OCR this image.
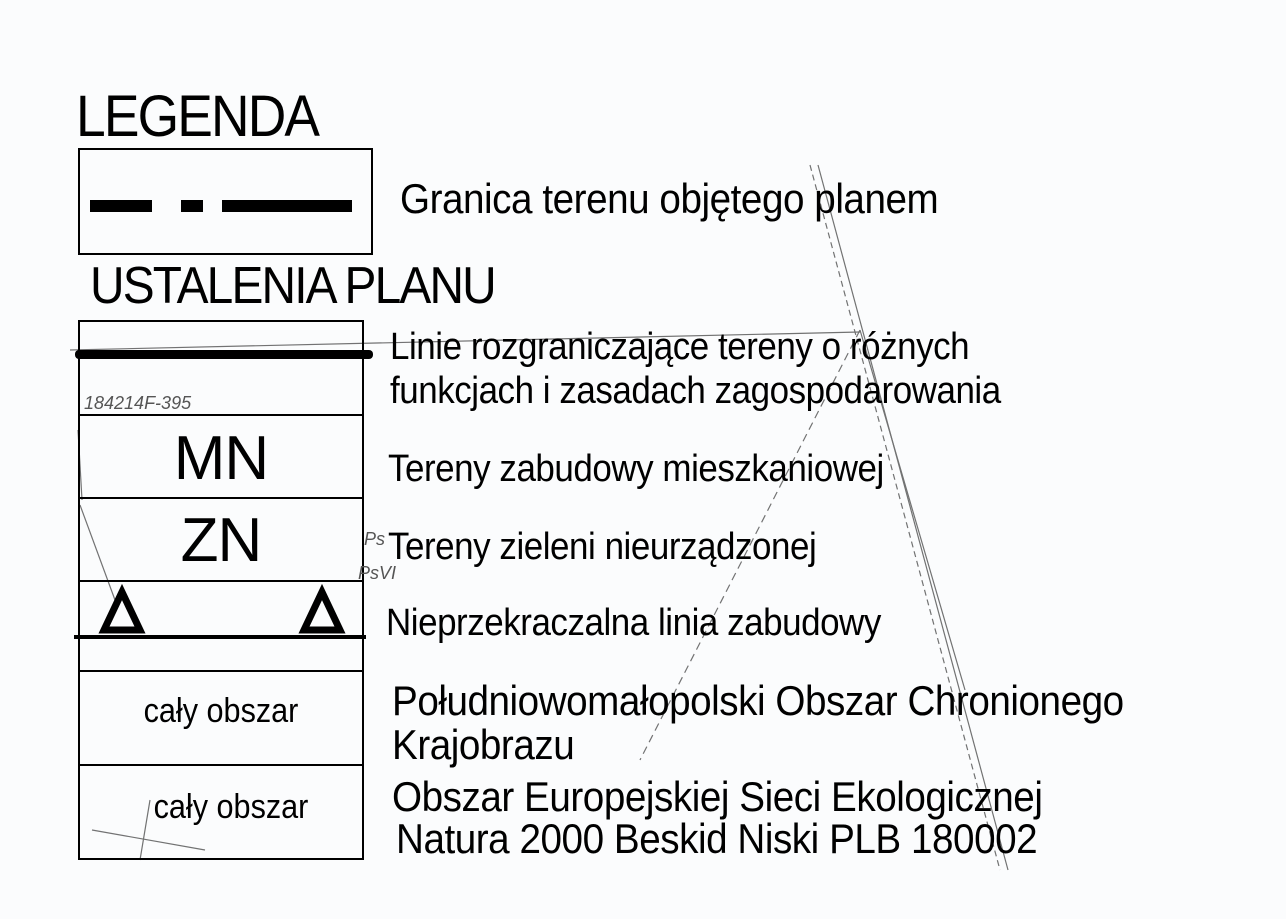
LEGENDA
Granica terenu objętego planem
USTALENIA PLANU
Linie rozgraniczające tereny o różnych
funkcjach i zasadach zagospodarowania
184214F-395
MN	Tereny zabudowy mieszkaniowej
ZN	Tereny zieleni nieurządzonej
Ps
PsVI
Nieprzekraczalna linia zabudowy
cały obszar	Południowomałopolski Obszar Chronionego
Krajobrazu
cały obszar	Obszar Europejskiej Sieci Ekologicznej
Natura 2000 Beskid Niski PLB 180002
